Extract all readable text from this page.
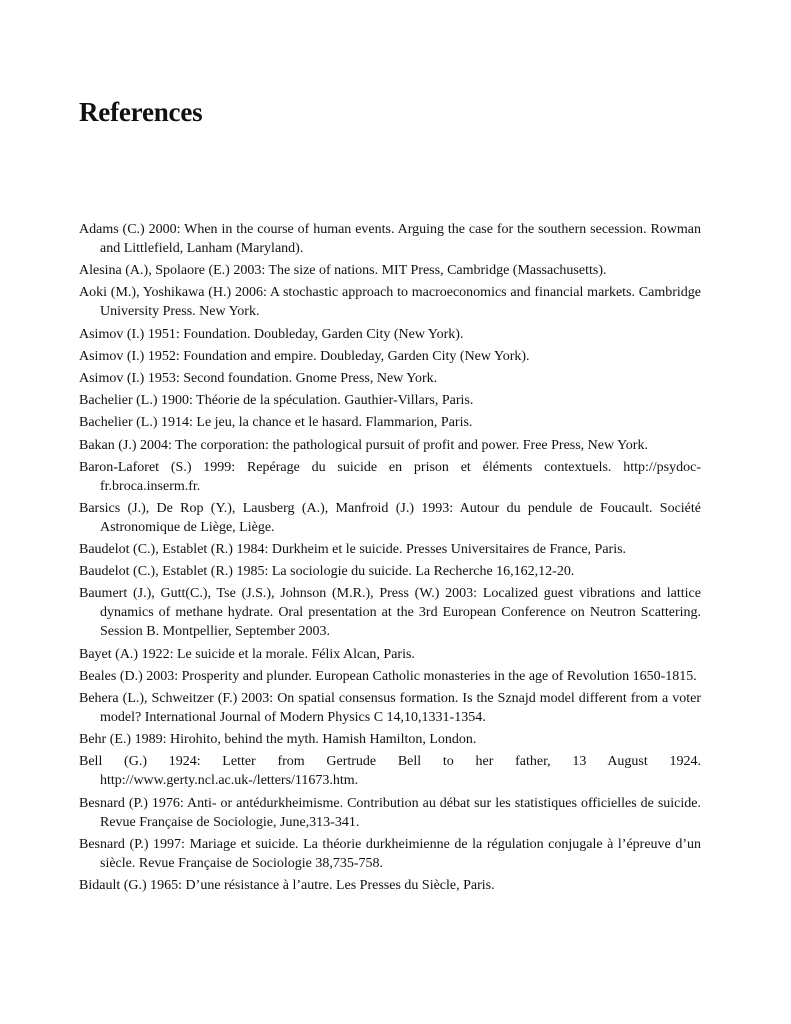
References
Adams (C.) 2000: When in the course of human events. Arguing the case for the southern secession. Rowman and Littlefield, Lanham (Maryland).
Alesina (A.), Spolaore (E.) 2003: The size of nations. MIT Press, Cambridge (Massachusetts).
Aoki (M.), Yoshikawa (H.) 2006: A stochastic approach to macroeconomics and financial markets. Cambridge University Press. New York.
Asimov (I.) 1951: Foundation. Doubleday, Garden City (New York).
Asimov (I.) 1952: Foundation and empire. Doubleday, Garden City (New York).
Asimov (I.) 1953: Second foundation. Gnome Press, New York.
Bachelier (L.) 1900: Théorie de la spéculation. Gauthier-Villars, Paris.
Bachelier (L.) 1914: Le jeu, la chance et le hasard. Flammarion, Paris.
Bakan (J.) 2004: The corporation: the pathological pursuit of profit and power. Free Press, New York.
Baron-Laforet (S.) 1999: Repérage du suicide en prison et éléments contextuels. http://psydoc-fr.broca.inserm.fr.
Barsics (J.), De Rop (Y.), Lausberg (A.), Manfroid (J.) 1993: Autour du pendule de Foucault. Société Astronomique de Liège, Liège.
Baudelot (C.), Establet (R.) 1984: Durkheim et le suicide. Presses Universitaires de France, Paris.
Baudelot (C.), Establet (R.) 1985: La sociologie du suicide. La Recherche 16,162,12-20.
Baumert (J.), Gutt(C.), Tse (J.S.), Johnson (M.R.), Press (W.) 2003: Localized guest vibrations and lattice dynamics of methane hydrate. Oral presentation at the 3rd European Conference on Neutron Scattering. Session B. Montpellier, September 2003.
Bayet (A.) 1922: Le suicide et la morale. Félix Alcan, Paris.
Beales (D.) 2003: Prosperity and plunder. European Catholic monasteries in the age of Revolution 1650-1815.
Behera (L.), Schweitzer (F.) 2003: On spatial consensus formation. Is the Sznajd model different from a voter model? International Journal of Modern Physics C 14,10,1331-1354.
Behr (E.) 1989: Hirohito, behind the myth. Hamish Hamilton, London.
Bell (G.) 1924: Letter from Gertrude Bell to her father, 13 August 1924. http://www.gerty.ncl.ac.uk-/letters/11673.htm.
Besnard (P.) 1976: Anti- or antédurkheimisme. Contribution au débat sur les statistiques officielles de suicide. Revue Française de Sociologie, June,313-341.
Besnard (P.) 1997: Mariage et suicide. La théorie durkheimienne de la régulation conjugale à l’épreuve d’un siècle. Revue Française de Sociologie 38,735-758.
Bidault (G.) 1965: D’une résistance à l’autre. Les Presses du Siècle, Paris.
